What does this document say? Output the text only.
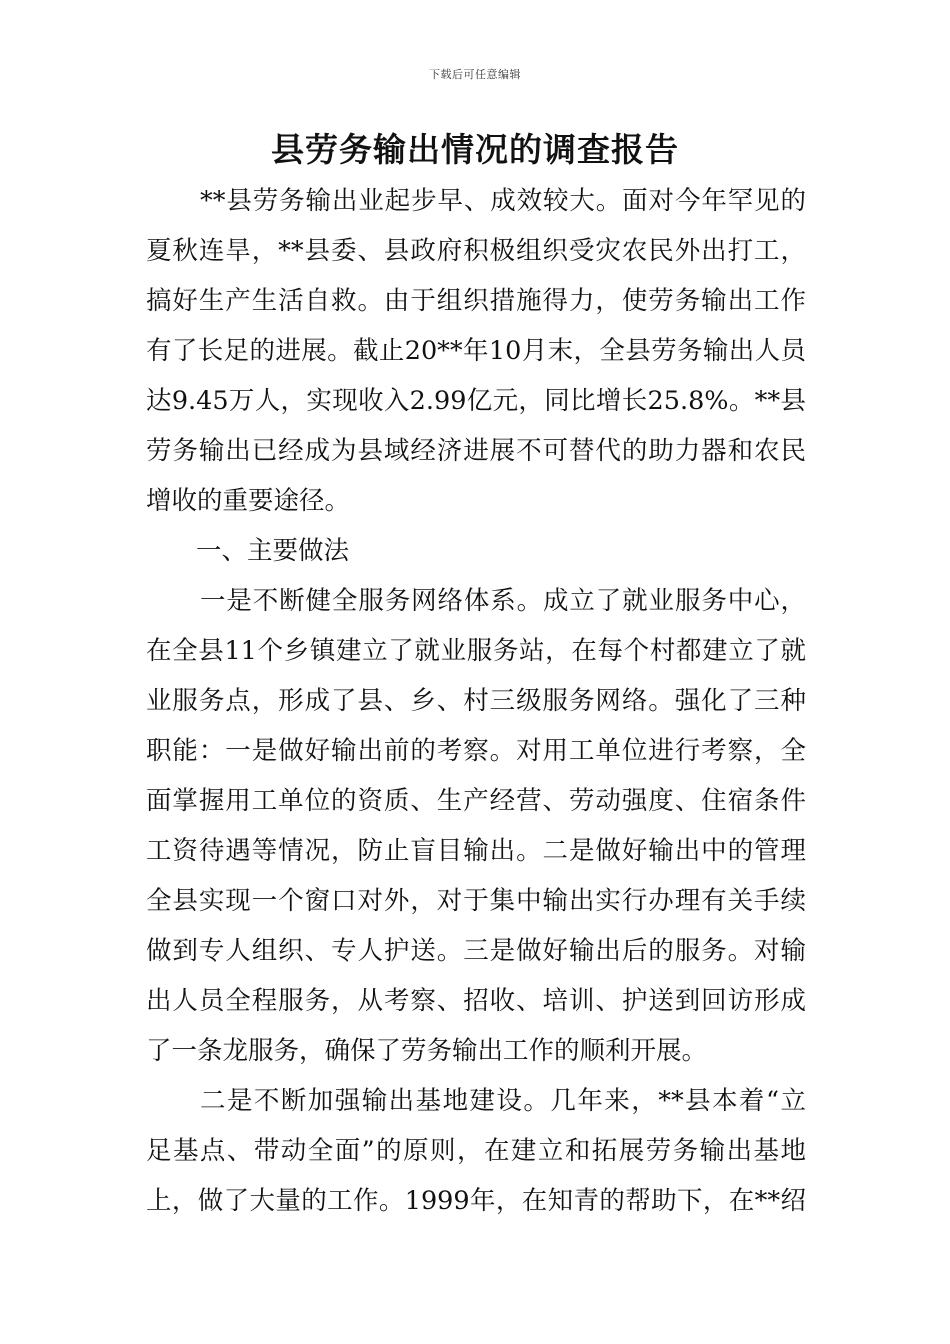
下载后可任意编辑
县劳务输出情况的调查报告
**县劳务输出业起步早、成效较大。面对今年罕见的
夏秋连旱，**县委、县政府积极组织受灾农民外出打工，
搞好生产生活自救。由于组织措施得力，使劳务输出工作
有了长足的进展。截止20**年10月末，全县劳务输出人员
达9.45万人，实现收入2.99亿元，同比增长25.8%。**县
劳务输出已经成为县域经济进展不可替代的助力器和农民
增收的重要途径。
一、主要做法
一是不断健全服务网络体系。成立了就业服务中心，
在全县11个乡镇建立了就业服务站，在每个村都建立了就
业服务点，形成了县、乡、村三级服务网络。强化了三种
职能：一是做好输出前的考察。对用工单位进行考察，全
面掌握用工单位的资质、生产经营、劳动强度、住宿条件
工资待遇等情况，防止盲目输出。二是做好输出中的管理
全县实现一个窗口对外，对于集中输出实行办理有关手续
做到专人组织、专人护送。三是做好输出后的服务。对输
出人员全程服务，从考察、招收、培训、护送到回访形成
了一条龙服务，确保了劳务输出工作的顺利开展。
二是不断加强输出基地建设。几年来，**县本着“立
足基点、带动全面”的原则，在建立和拓展劳务输出基地
上，做了大量的工作。1999年，在知青的帮助下，在**绍
